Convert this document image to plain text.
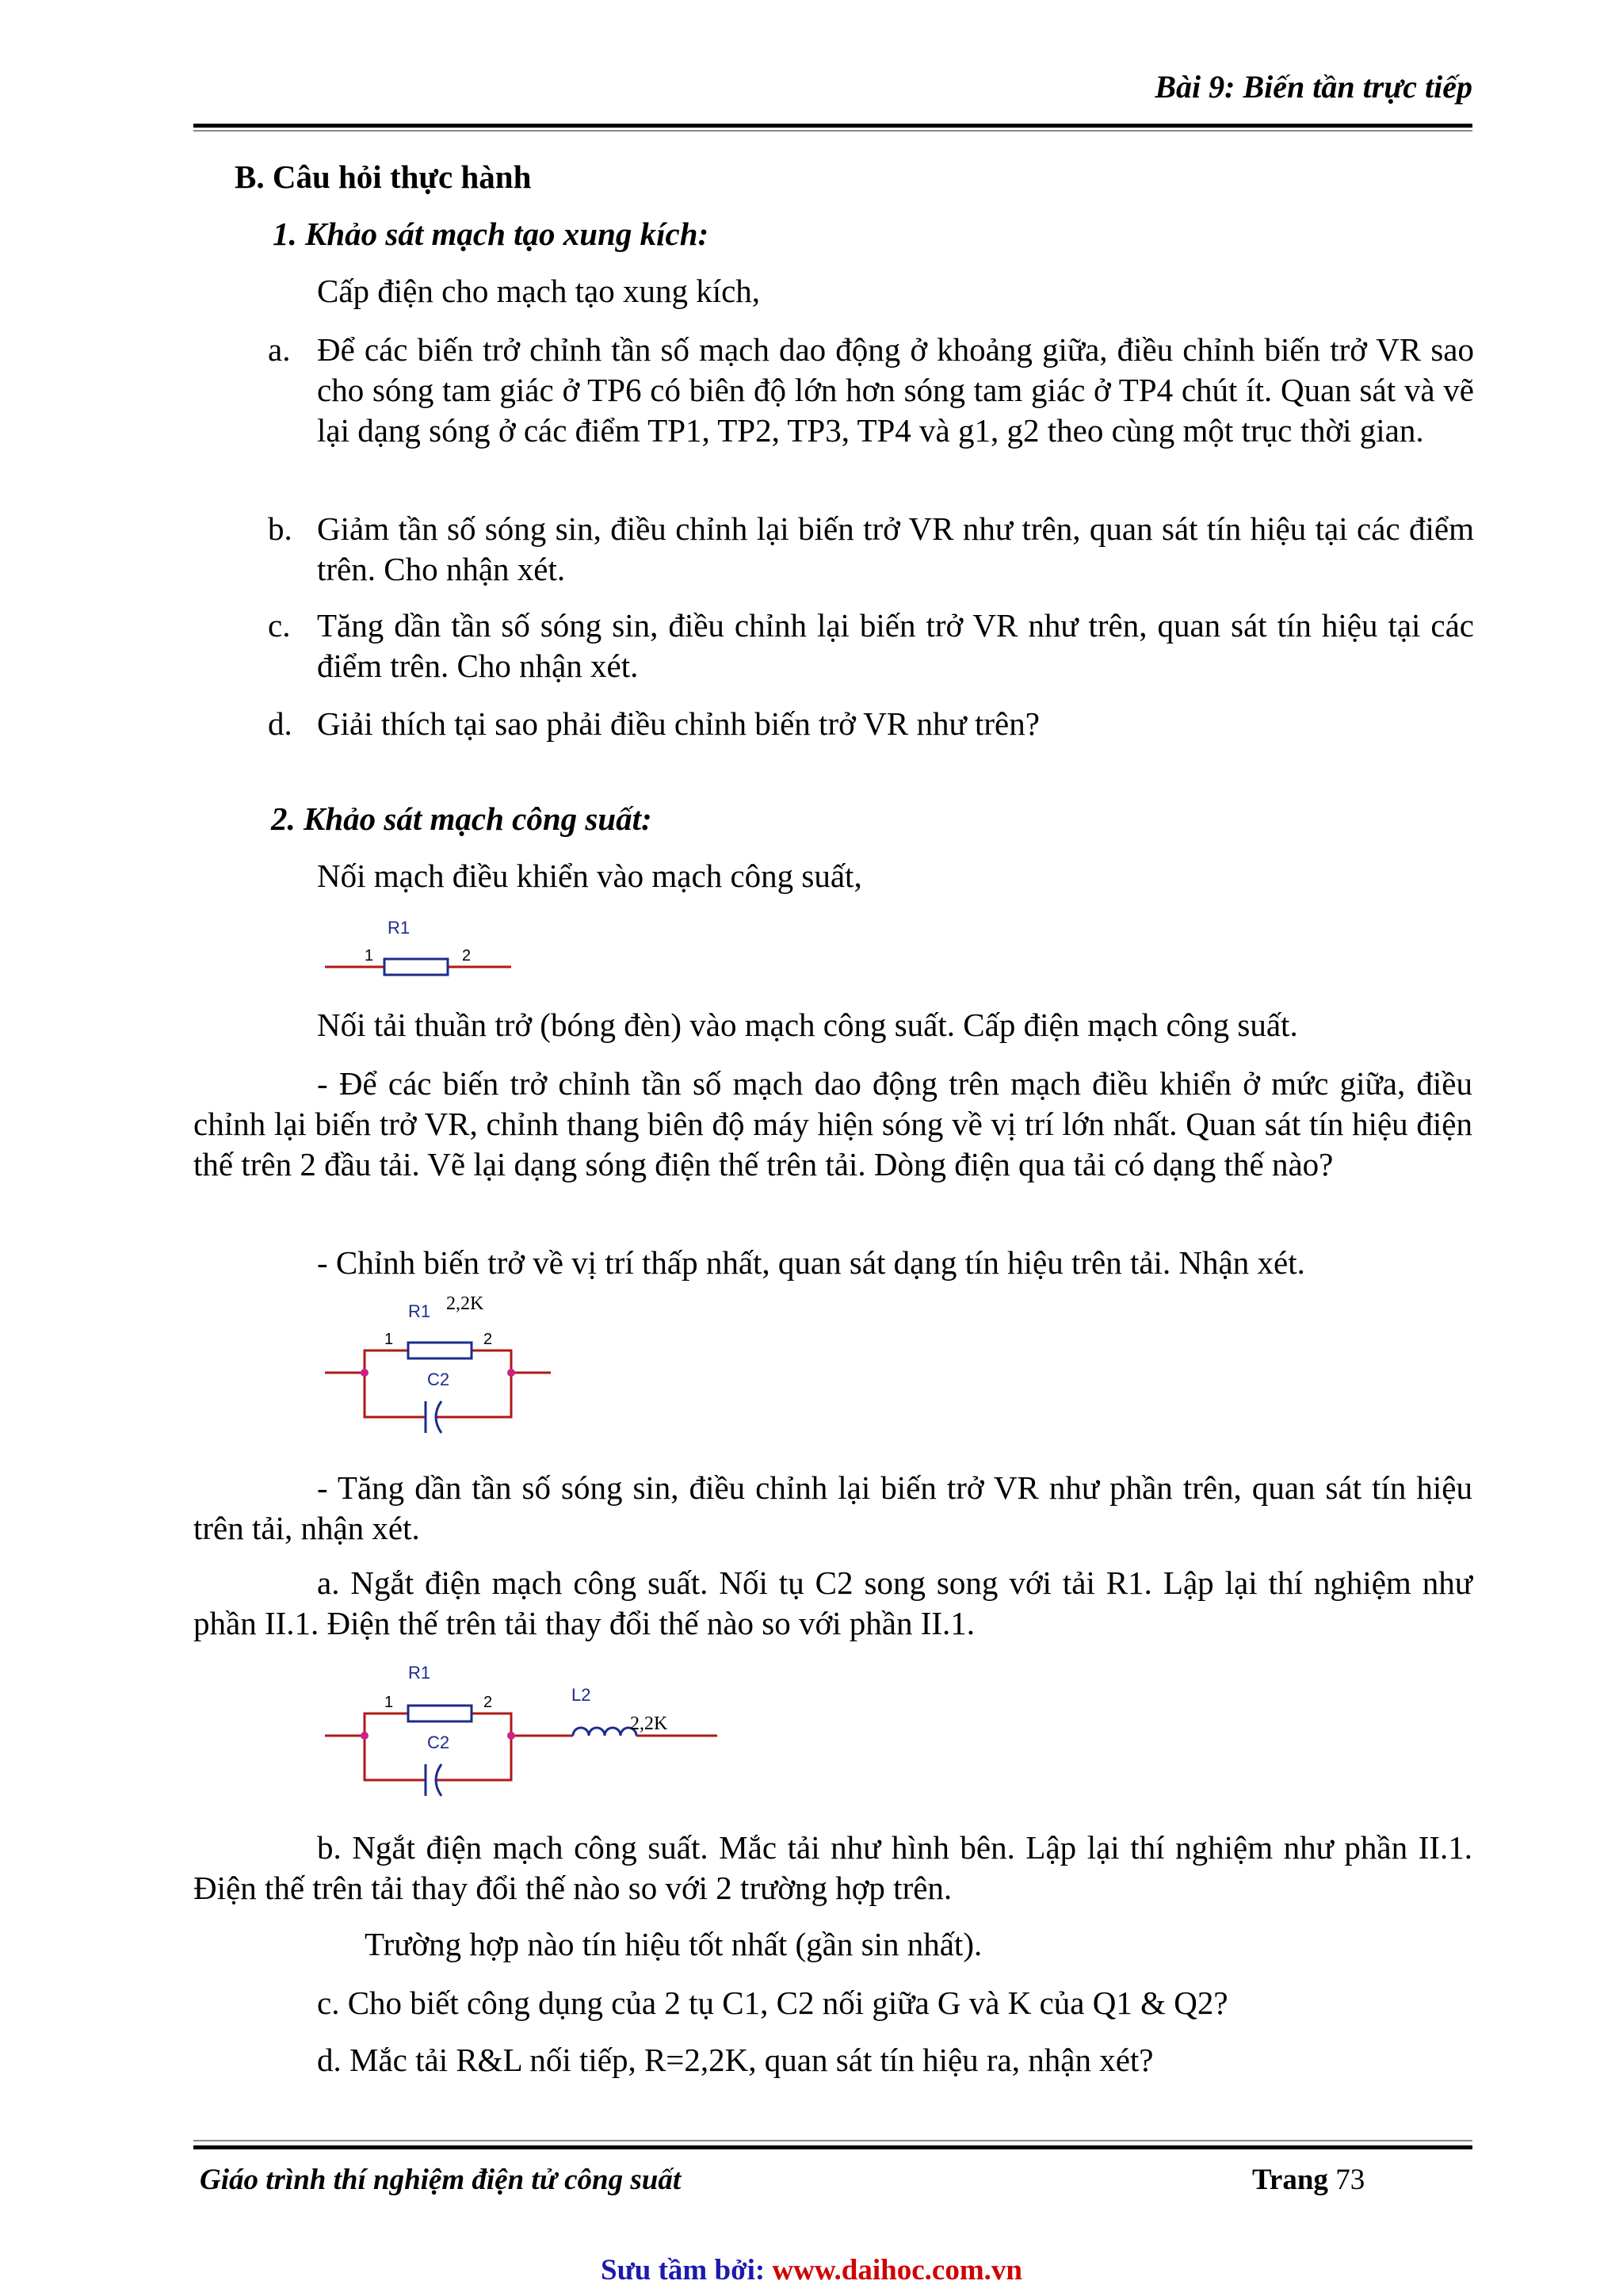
Bài 9: Biến tần trực tiếp
B. Câu hỏi thực hành
1. Khảo sát mạch tạo xung kích:
Cấp điện cho mạch tạo xung kích,
a. Để các biến trở chỉnh tần số mạch dao động ở khoảng giữa, điều chỉnh biến trở VR sao cho sóng tam giác ở TP6 có biên độ lớn hơn sóng tam giác ở TP4 chút ít. Quan sát và vẽ lại dạng sóng ở các điểm TP1, TP2, TP3, TP4 và g1, g2 theo cùng một trục thời gian.
b. Giảm tần số sóng sin, điều chỉnh lại biến trở VR như trên, quan sát tín hiệu tại các điểm trên. Cho nhận xét.
c. Tăng dần tần số sóng sin, điều chỉnh lại biến trở VR như trên, quan sát tín hiệu tại các điểm trên. Cho nhận xét.
d. Giải thích tại sao phải điều chỉnh biến trở VR như trên?
2. Khảo sát mạch công suất:
Nối mạch điều khiển vào mạch công suất,
R1
1	2
Nối tải thuần trở (bóng đèn) vào mạch công suất. Cấp điện mạch công suất.
- Để các biến trở chỉnh tần số mạch dao động trên mạch điều khiển ở mức giữa, điều chỉnh lại biến trở VR, chỉnh thang biên độ máy hiện sóng về vị trí lớn nhất. Quan sát tín hiệu điện thế trên 2 đầu tải. Vẽ lại dạng sóng điện thế trên tải. Dòng điện qua tải có dạng thế nào?
- Chỉnh biến trở về vị trí thấp nhất, quan sát dạng tín hiệu trên tải. Nhận xét.
R1 2,2K
1	2
C2
- Tăng dần tần số sóng sin, điều chỉnh lại biến trở VR như phần trên, quan sát tín hiệu trên tải, nhận xét.
a. Ngắt điện mạch công suất. Nối tụ C2 song song với tải R1. Lập lại thí nghiệm như phần II.1. Điện thế trên tải thay đổi thế nào so với phần II.1.
R1
1	2
C2
L2
2,2K
b. Ngắt điện mạch công suất. Mắc tải như hình bên. Lập lại thí nghiệm như phần II.1. Điện thế trên tải thay đổi thế nào so với 2 trường hợp trên.
Trường hợp nào tín hiệu tốt nhất (gần sin nhất).
c. Cho biết công dụng của 2 tụ C1, C2 nối giữa G và K của Q1 & Q2?
d. Mắc tải R&L nối tiếp, R=2,2K, quan sát tín hiệu ra, nhận xét?
Giáo trình thí nghiệm điện tử công suất	Trang 73
Sưu tầm bởi: www.daihoc.com.vn
